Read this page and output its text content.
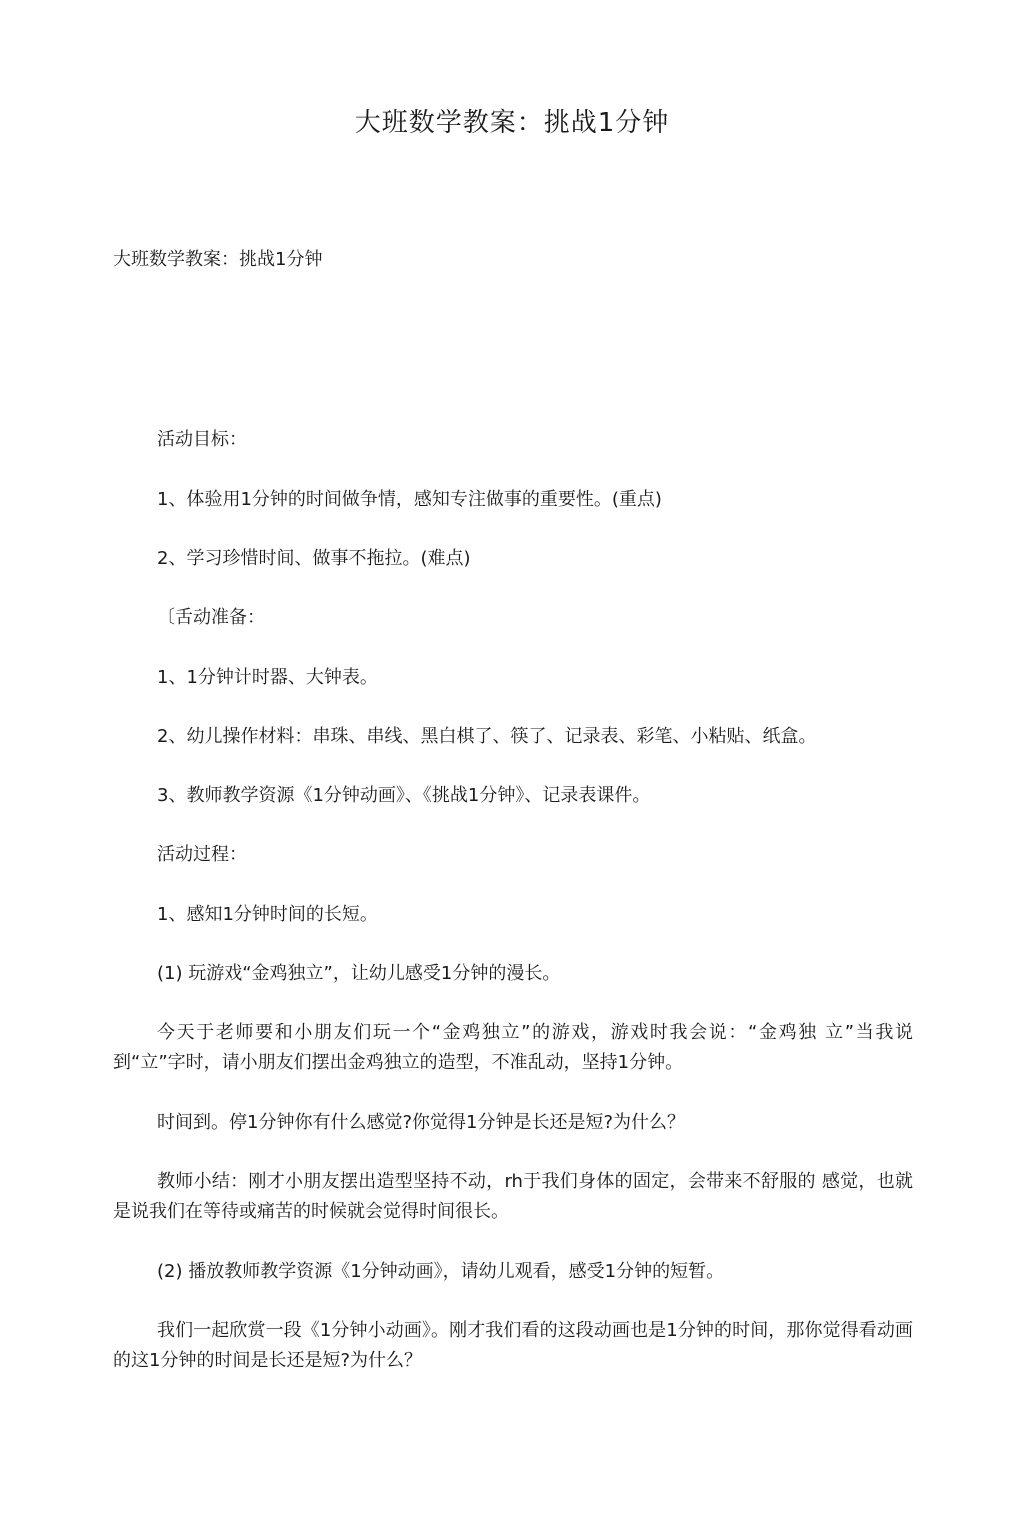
大班数学教案：挑战1分钟

大班数学教案：挑战1分钟

活动目标：

1、体验用1分钟的时间做争情，感知专注做事的重要性。(重点)

2、学习珍惜时间、做事不拖拉。(难点)

〔舌动准备：

1、1分钟计时器、大钟表。

2、幼儿操作材料：串珠、串线、黑白棋了、筷了、记录表、彩笔、小粘贴、纸盒。

3、教师教学资源《1分钟动画》、《挑战1分钟》、记录表课件。

活动过程：

1、感知1分钟时间的长短。

(1) 玩游戏“金鸡独立”，让幼儿感受1分钟的漫长。

今天于老师要和小朋友们玩一个“金鸡独立”的游戏，游戏时我会说：“金鸡独 立”当我说到“立”字时，请小朋友们摆出金鸡独立的造型，不准乱动，坚持1分钟。

时间到。停1分钟你有什么感觉?你觉得1分钟是长还是短?为什么？

教师小结：刚才小朋友摆出造型坚持不动，rh于我们身体的固定，会带来不舒服的 感觉，也就是说我们在等待或痛苦的时候就会觉得时间很长。

(2) 播放教师教学资源《1分钟动画》，请幼儿观看，感受1分钟的短暂。

我们一起欣赏一段《1分钟小动画》。刚才我们看的这段动画也是1分钟的时间，那你觉得看动画的这1分钟的时间是长还是短?为什么？
